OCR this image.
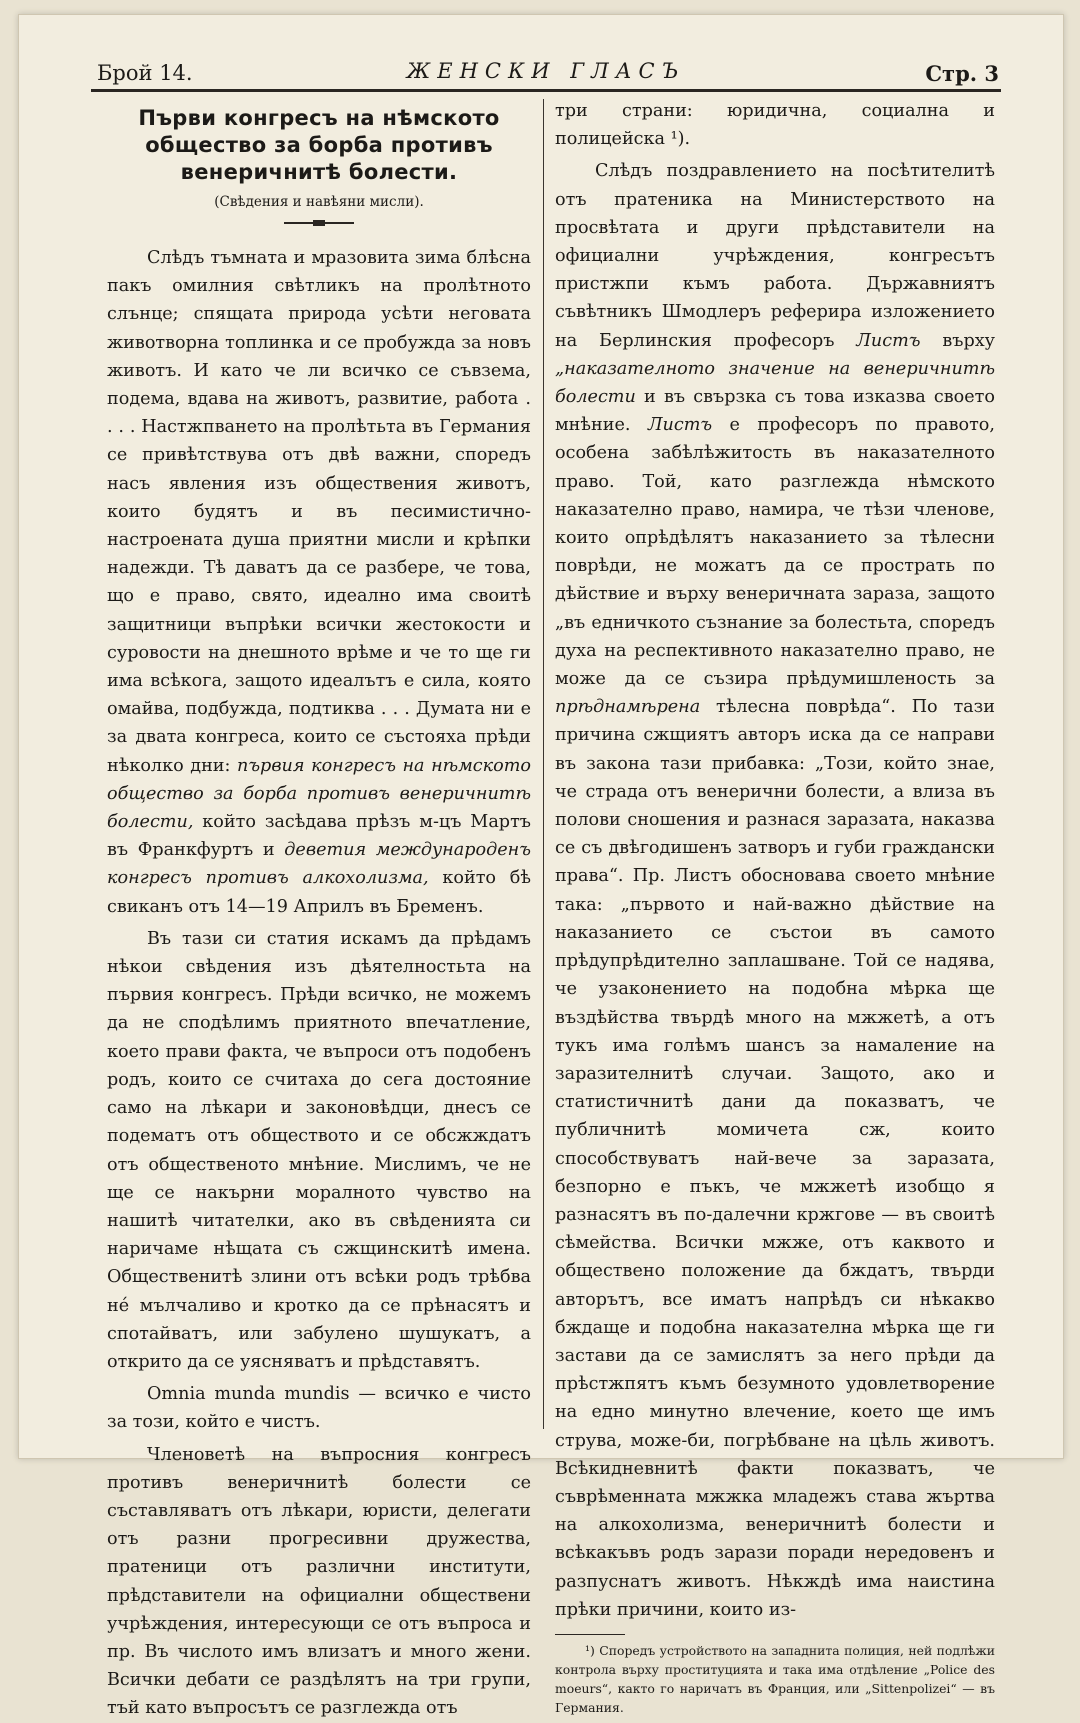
Брой 14.	ЖЕНСКИ ГЛАСЪ	Стр. 3
Първи конгресъ на нѣмското общество за борба противъ венеричнитѣ болести.
(Свѣдения и навѣяни мисли).

Слѣдъ тъмната и мразовита зима блѣсна пакъ омилния свѣтликъ на пролѣтното слънце; спящата природа усѣти неговата животворна топлинка и се пробужда за новъ животъ. И като че ли всичко се съвзема, подема, вдава на животъ, развитие, работа . . . . Настжпването на пролѣтьта въ Германия се привѣтствува отъ двѣ важни, споредъ насъ явления изъ обществения животъ, които будятъ и въ песимистично-настроената душа приятни мисли и крѣпки надежди. Тѣ даватъ да се разбере, че това, що е право, свято, идеално има своитѣ защитници въпрѣки всички жестокости и суровости на днешното врѣме и че то ще ги има всѣкога, защото идеалътъ е сила, която омайва, подбужда, подтиква . . . Думата ни е за двата конгреса, които се състояха прѣди нѣколко дни: първия конгресъ на нѣмското общество за борба противъ венеричнитѣ болести, който засѣдава прѣзъ м-цъ Мартъ въ Франкфуртъ и деветия международенъ конгресъ противъ алкохолизма, който бѣ свиканъ отъ 14—19 Априлъ въ Бременъ.

Въ тази си статия искамъ да прѣдамъ нѣкои свѣдения изъ дѣятелностьта на първия конгресъ. Прѣди всичко, не можемъ да не сподѣлимъ приятното впечатление, което прави факта, че въпроси отъ подобенъ родъ, които се считаха до сега достояние само на лѣкари и законовѣдци, днесъ се подематъ отъ обществото и се обсжждатъ отъ общественото мнѣние. Мислимъ, че не ще се накърни моралното чувство на нашитѣ читателки, ако въ свѣденията си наричаме нѣщата съ сжщинскитѣ имена. Общественитѣ злини отъ всѣки родъ трѣбва нé мълчаливо и кротко да се прѣнасятъ и спотайватъ, или забулено шушукатъ, а открито да се уясняватъ и прѣдставятъ.

Omnia munda mundis — всичко е чисто за този, който е чистъ.

Членоветѣ на въпросния конгресъ противъ венеричнитѣ болести се съставляватъ отъ лѣкари, юристи, делегати отъ разни прогресивни дружества, пратеници отъ различни институти, прѣдставители на официални обществени учрѣждения, интересующи се отъ въпроса и пр. Въ числото имъ влизатъ и много жени. Всички дебати се раздѣлятъ на три групи, тъй като въпросътъ се разглежда отъ

три страни: юридична, социална и полицейска ¹).

Слѣдъ поздравлението на посѣтителитѣ отъ пратеника на Министерството на просвѣтата и други прѣдставители на официални учрѣждения, конгресътъ пристжпи къмъ работа. Държавниятъ съвѣтникъ Шмодлеръ реферира изложението на Берлинския професоръ Листъ върху „наказателното значение на венеричнитѣ болести и въ свързка съ това изказва своето мнѣние. Листъ е професоръ по правото, особена забѣлѣжитость въ наказателното право. Той, като разглежда нѣмското наказателно право, намира, че тѣзи членове, които опрѣдѣлятъ наказанието за тѣлесни поврѣди, не можатъ да се прострать по дѣйствие и върху венеричната зараза, защото „въ едничкото съзнание за болестьта, споредъ духа на респективното наказателно право, не може да се съзира прѣдумишленость за прѣднамѣрена тѣлесна поврѣда“. По тази причина сжщиятъ авторъ иска да се направи въ закона тази прибавка: „Този, който знае, че страда отъ венерични болести, а влиза въ полови сношения и разнася заразата, наказва се съ двѣгодишенъ затворъ и губи граждански права“. Пр. Листъ обосновава своето мнѣние така: „първото и най-важно дѣйствие на наказанието се състои въ самото прѣдупрѣдително заплашване. Той се надява, че узаконението на подобна мѣрка ще въздѣйства твърдѣ много на мжжетѣ, а отъ тукъ има голѣмъ шансъ за намаление на заразителнитѣ случаи. Защото, ако и статистичнитѣ дани да показватъ, че публичнитѣ момичета сж, които способствуватъ най-вече за заразата, безпорно е пъкъ, че мжжетѣ изобщо я разнасятъ въ по-далечни кржгове — въ своитѣ сѣмейства. Всички мжже, отъ каквото и обществено положение да бждатъ, твърди авторътъ, все иматъ напрѣдъ си нѣкакво бждаще и подобна наказателна мѣрка ще ги застави да се замислятъ за него прѣди да прѣстжпятъ къмъ безумното удовлетворение на едно минутно влечение, което ще имъ струва, може-би, погрѣбване на цѣль животъ. Всѣкидневнитѣ факти показватъ, че съврѣменната мжжка младежъ става жъртва на алкохолизма, венеричнитѣ болести и всѣкакъвъ родъ зарази поради нередовенъ и разпуснатъ животъ. Нѣкждѣ има наистина прѣки причини, които из-

¹) Споредъ устройството на западнита полиция, ней подлѣжи контрола върху проституцията и така има отдѣление „Police des moeurs“, както го наричатъ въ Франция, или „Sittenpolizei“ — въ Германия.
